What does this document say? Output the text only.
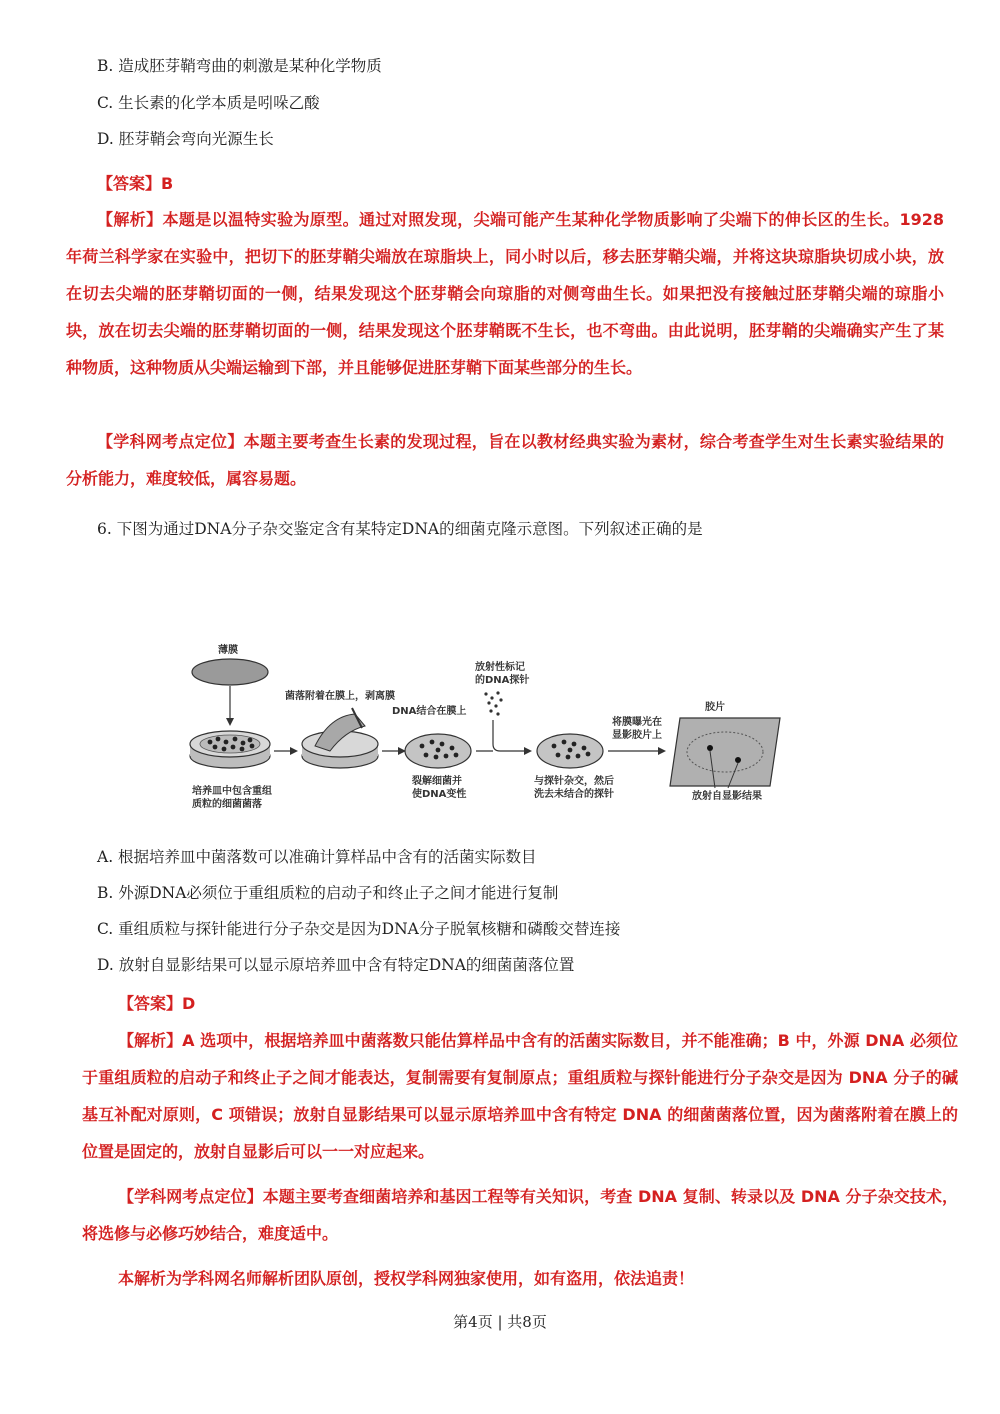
B. 造成胚芽鞘弯曲的刺激是某种化学物质
C. 生长素的化学本质是吲哚乙酸
D. 胚芽鞘会弯向光源生长
【答案】B
【解析】本题是以温特实验为原型。通过对照发现，尖端可能产生某种化学物质影响了尖端下的伸长区的生长。1928 年荷兰科学家在实验中，把切下的胚芽鞘尖端放在琼脂块上，同小时以后，移去胚芽鞘尖端，并将这块琼脂块切成小块，放在切去尖端的胚芽鞘切面的一侧，结果发现这个胚芽鞘会向琼脂的对侧弯曲生长。如果把没有接触过胚芽鞘尖端的琼脂小块，放在切去尖端的胚芽鞘切面的一侧，结果发现这个胚芽鞘既不生长，也不弯曲。由此说明，胚芽鞘的尖端确实产生了某种物质，这种物质从尖端运输到下部，并且能够促进胚芽鞘下面某些部分的生长。
【学科网考点定位】本题主要考查生长素的发现过程，旨在以教材经典实验为素材，综合考查学生对生长素实验结果的分析能力，难度较低，属容易题。
6. 下图为通过DNA分子杂交鉴定含有某特定DNA的细菌克隆示意图。下列叙述正确的是
薄膜
培养皿中包含重组
质粒的细菌菌落
菌落附着在膜上，剥离膜
DNA结合在膜上
裂解细菌并
使DNA变性
放射性标记
的DNA探针
与探针杂交，然后
洗去未结合的探针
将膜曝光在
显影胶片上
胶片
放射自显影结果
A. 根据培养皿中菌落数可以准确计算样品中含有的活菌实际数目
B. 外源DNA必须位于重组质粒的启动子和终止子之间才能进行复制
C. 重组质粒与探针能进行分子杂交是因为DNA分子脱氧核糖和磷酸交替连接
D. 放射自显影结果可以显示原培养皿中含有特定DNA的细菌菌落位置
【答案】D
【解析】A 选项中，根据培养皿中菌落数只能估算样品中含有的活菌实际数目，并不能准确；B 中，外源 DNA 必须位于重组质粒的启动子和终止子之间才能表达，复制需要有复制原点；重组质粒与探针能进行分子杂交是因为 DNA 分子的碱基互补配对原则，C 项错误；放射自显影结果可以显示原培养皿中含有特定 DNA 的细菌菌落位置，因为菌落附着在膜上的位置是固定的，放射自显影后可以一一对应起来。
【学科网考点定位】本题主要考查细菌培养和基因工程等有关知识，考查 DNA 复制、转录以及 DNA 分子杂交技术，将选修与必修巧妙结合，难度适中。
本解析为学科网名师解析团队原创，授权学科网独家使用，如有盗用，依法追责！
第4页 | 共8页
